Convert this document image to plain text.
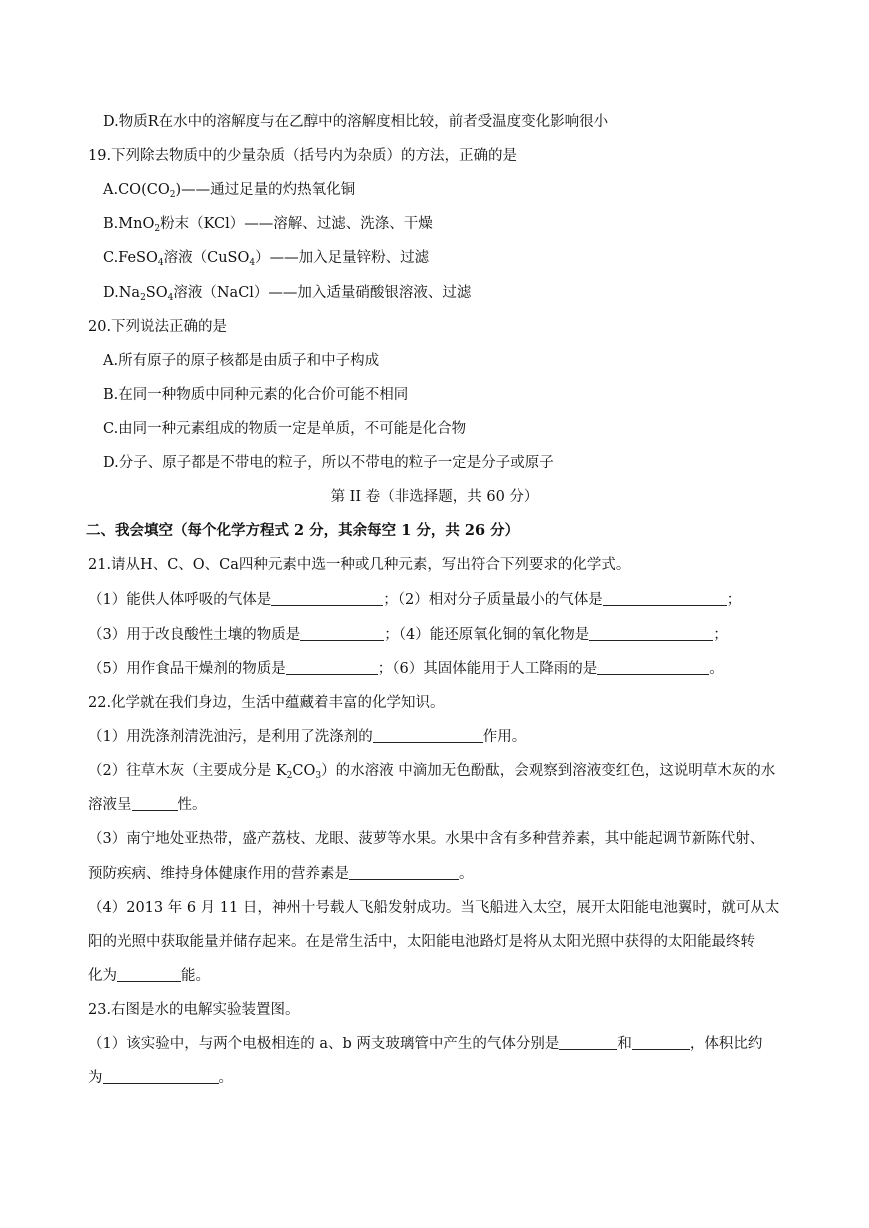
D.物质R在水中的溶解度与在乙醇中的溶解度相比较，前者受温度变化影响很小
19.下列除去物质中的少量杂质（括号内为杂质）的方法，正确的是
$A.CO(CO_2)——$通过足量的灼热氧化铜
B.MnO$_2$粉末（KCl）——溶解、过滤、洗涤、干燥
C.FeSO$_4$溶液（CuSO$_4$）——加入足量锌粉、过滤
$D.Na_2SO_4$溶液（NaCl）——加入适量硝酸银溶液、过滤
20.下列说法正确的是
A.所有原子的原子核都是由质子和中子构成
B.在同一种物质中同种元素的化合价可能不相同
C.由同一种元素组成的物质一定是单质，不可能是化合物
D.分子、原子都是不带电的粒子，所以不带电的粒子一定是分子或原子
第 II 卷（非选择题，共 60 分）
二、我会填空（每个化学方程式 2 分，其余每空 1 分，共 26 分）
21.请从H、C、O、Ca四种元素中选一种或几种元素，写出符合下列要求的化学式。
（1）能供人体呼吸的气体是	；（2）相对分子质量最小的气体是	；
（3）用于改良酸性土壤的物质是	；（4）能还原氧化铜的氧化物是	；
（5）用作食品干燥剂的物质是	；（6）其固体能用于人工降雨的是	。
22.化学就在我们身边，生活中蕴藏着丰富的化学知识。
（1）用洗涤剂清洗油污，是利用了洗涤剂的	作用。
（2）往草木灰（主要成分是 $K_2CO_3$）的水溶液 中滴加无色酚酞，会观察到溶液变红色，这说明草木灰的水
溶液呈	性。
（3）南宁地处亚热带，盛产荔枝、龙眼、菠萝等水果。水果中含有多种营养素，其中能起调节新陈代射、
预防疾病、维持身体健康作用的营养素是	。
（4）2013 年 6 月 11 日，神州十号载人飞船发射成功。当飞船进入太空，展开太阳能电池翼时，就可从太
阳的光照中获取能量并储存起来。在是常生活中，太阳能电池路灯是将从太阳光照中获得的太阳能最终转
化为	能。
23.右图是水的电解实验装置图。
（1）该实验中，与两个电极相连的 a、b 两支玻璃管中产生的气体分别是	和	，体积比约
为	。
